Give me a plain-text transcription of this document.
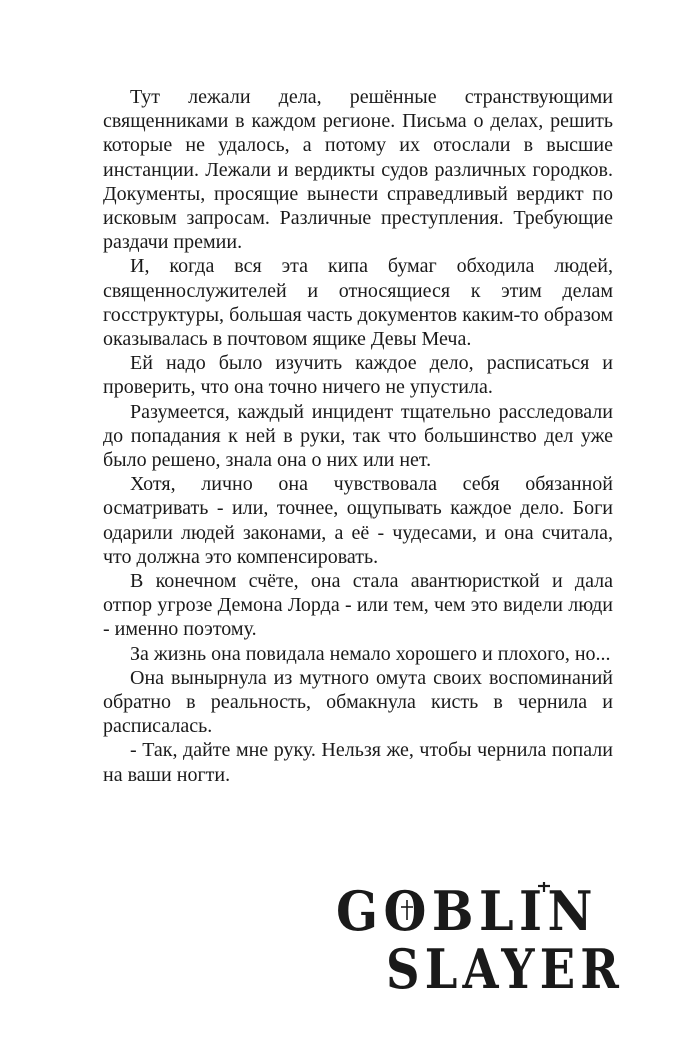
Тут лежали дела, решённые странствующими священниками в каждом регионе. Письма о делах, решить которые не удалось, а потому их отослали в высшие инстанции. Лежали и вердикты судов различных городков. Документы, просящие вынести справедливый вердикт по исковым запросам. Различные преступления. Требующие раздачи премии.

И, когда вся эта кипа бумаг обходила людей, священнослужителей и относящиеся к этим делам госструктуры, большая часть документов каким-то образом оказывалась в почтовом ящике Девы Меча.

Ей надо было изучить каждое дело, расписаться и проверить, что она точно ничего не упустила.

Разумеется, каждый инцидент тщательно расследовали до попадания к ней в руки, так что большинство дел уже было решено, знала она о них или нет.

Хотя, лично она чувствовала себя обязанной осматривать - или, точнее, ощупывать каждое дело. Боги одарили людей законами, а её - чудесами, и она считала, что должна это компенсировать.

В конечном счёте, она стала авантюристкой и дала отпор угрозе Демона Лорда - или тем, чем это видели люди - именно поэтому.

За жизнь она повидала немало хорошего и плохого, но...

Она вынырнула из мутного омута своих воспоминаний обратно в реальность, обмакнула кисть в чернила и расписалась.

- Так, дайте мне руку. Нельзя же, чтобы чернила попали на ваши ногти.

GOBLIN
SLAYER
